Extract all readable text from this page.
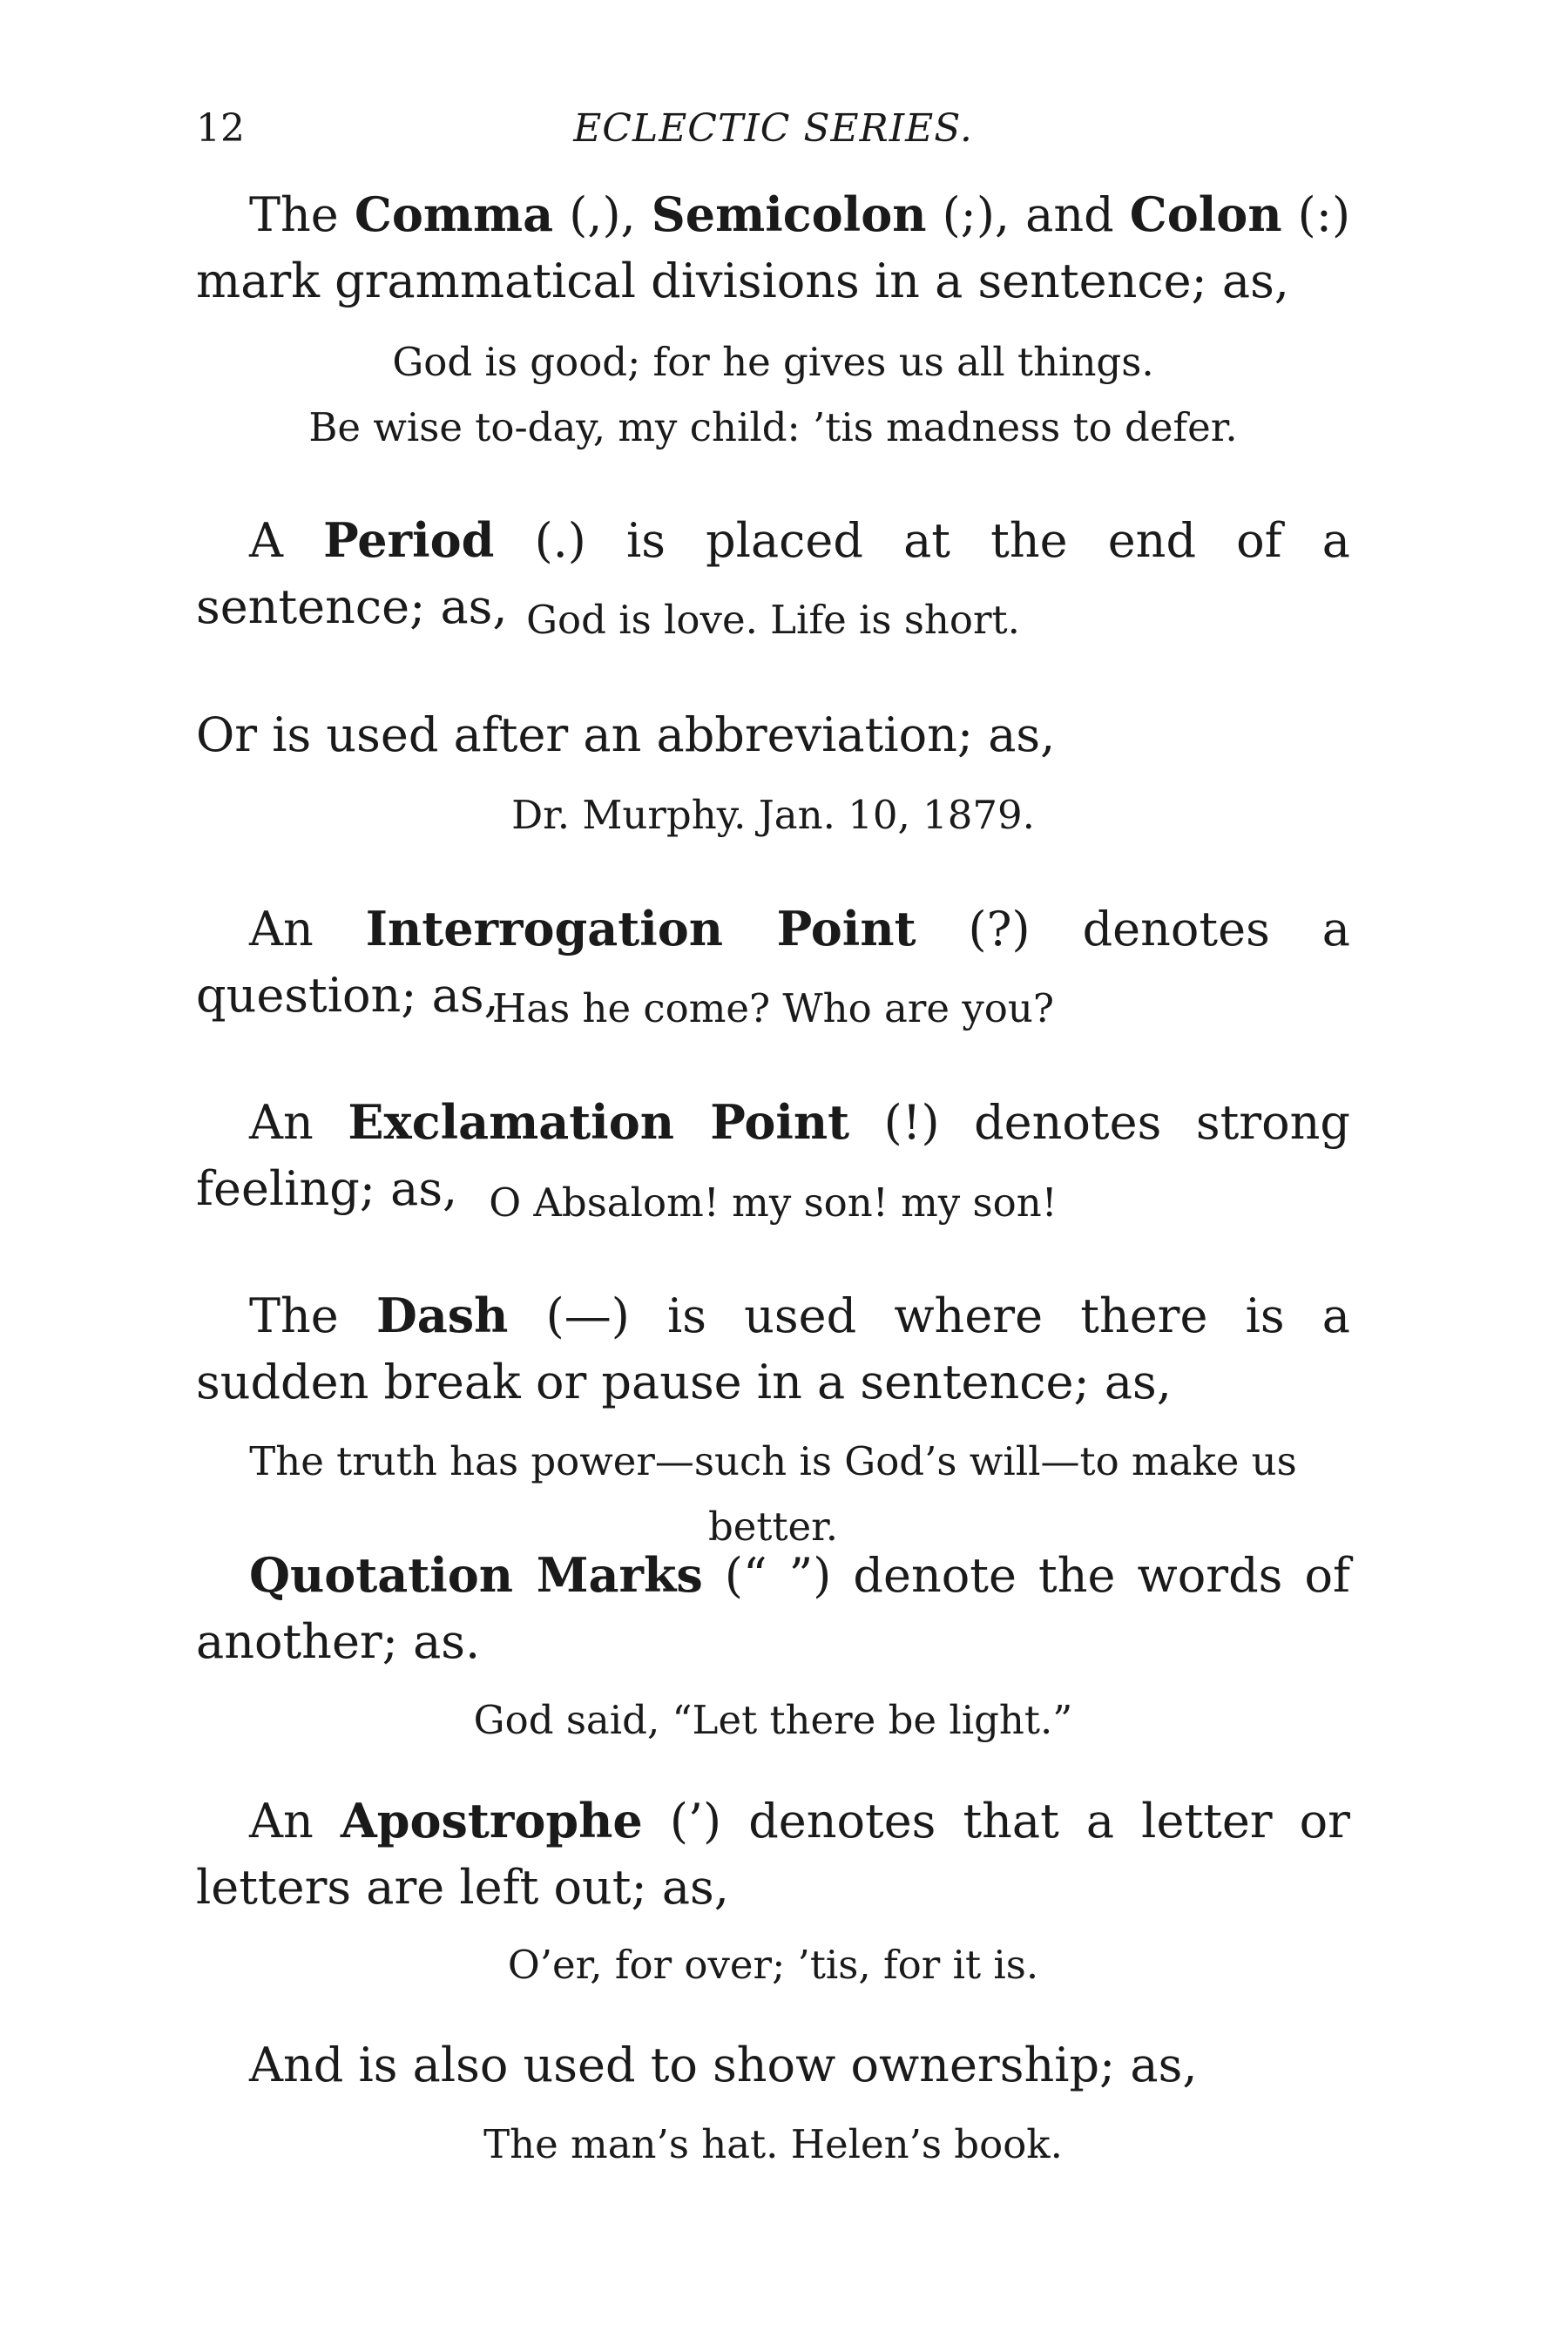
12	ECLECTIC SERIES.

The Comma (,), Semicolon (;), and Colon (:) mark grammatical divisions in a sentence; as,

God is good; for he gives us all things.

Be wise to-day, my child: ’tis madness to defer.

A Period (.) is placed at the end of a sentence; as, God is love. Life is short.

Or is used after an abbreviation; as,

Dr. Murphy. Jan. 10, 1879.

An Interrogation Point (?) denotes a question; as,

Has he come? Who are you?

An Exclamation Point (!) denotes strong feeling; as, O Absalom! my son! my son!

The Dash (—) is used where there is a sudden break or pause in a sentence; as,

The truth has power—such is God’s will—to make us better.

Quotation Marks (“ ”) denote the words of another; as.

God said, “Let there be light.”

An Apostrophe (’) denotes that a letter or letters are left out; as,

O’er, for over; ’tis, for it is.

And is also used to show ownership; as,

The man’s hat. Helen’s book.
